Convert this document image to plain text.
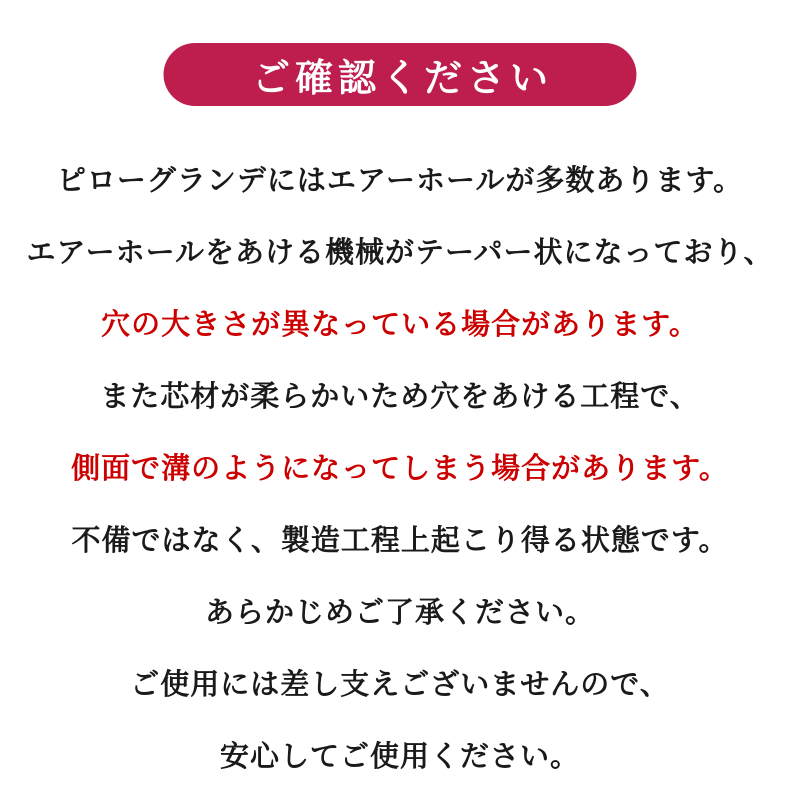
ご確認ください
ピローグランデにはエアーホールが多数あります。
エアーホールをあける機械がテーパー状になっており、
穴の大きさが異なっている場合があります。
また芯材が柔らかいため穴をあける工程で、
側面で溝のようになってしまう場合があります。
不備ではなく、製造工程上起こり得る状態です。
あらかじめご了承ください。
ご使用には差し支えございませんので、
安心してご使用ください。
